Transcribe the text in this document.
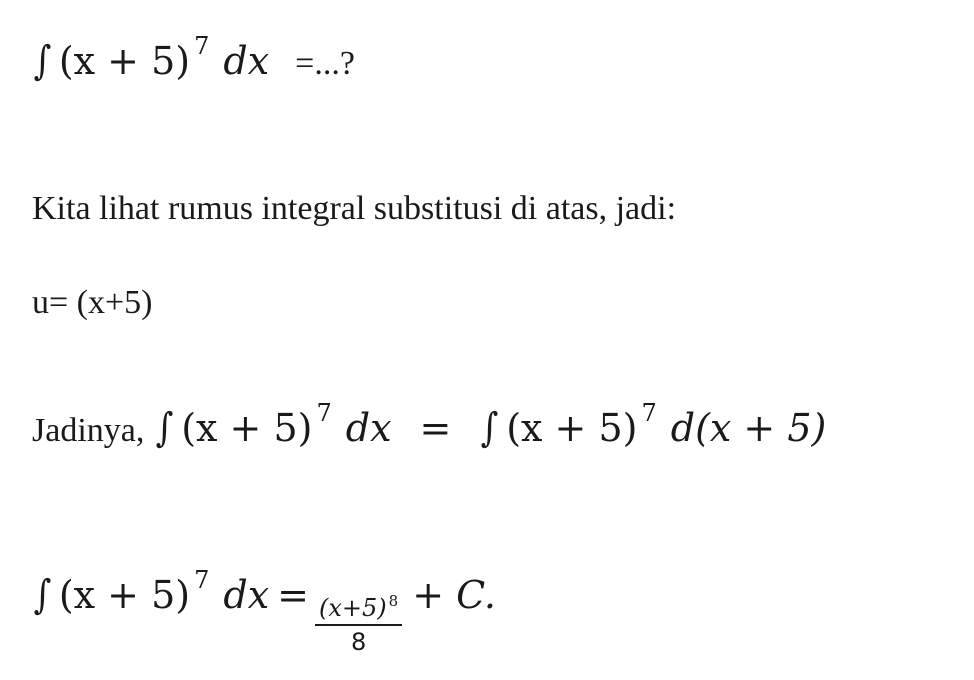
∫ (x + 5) 7 dx =...?
Kita lihat rumus integral substitusi di atas, jadi:
u= (x+5)
Jadinya, ∫ (x + 5) 7 dx = ∫ (x + 5) 7 d(x + 5)
∫ (x + 5) 7 dx = $\frac{(x+5) ^8}{8} + C$.
